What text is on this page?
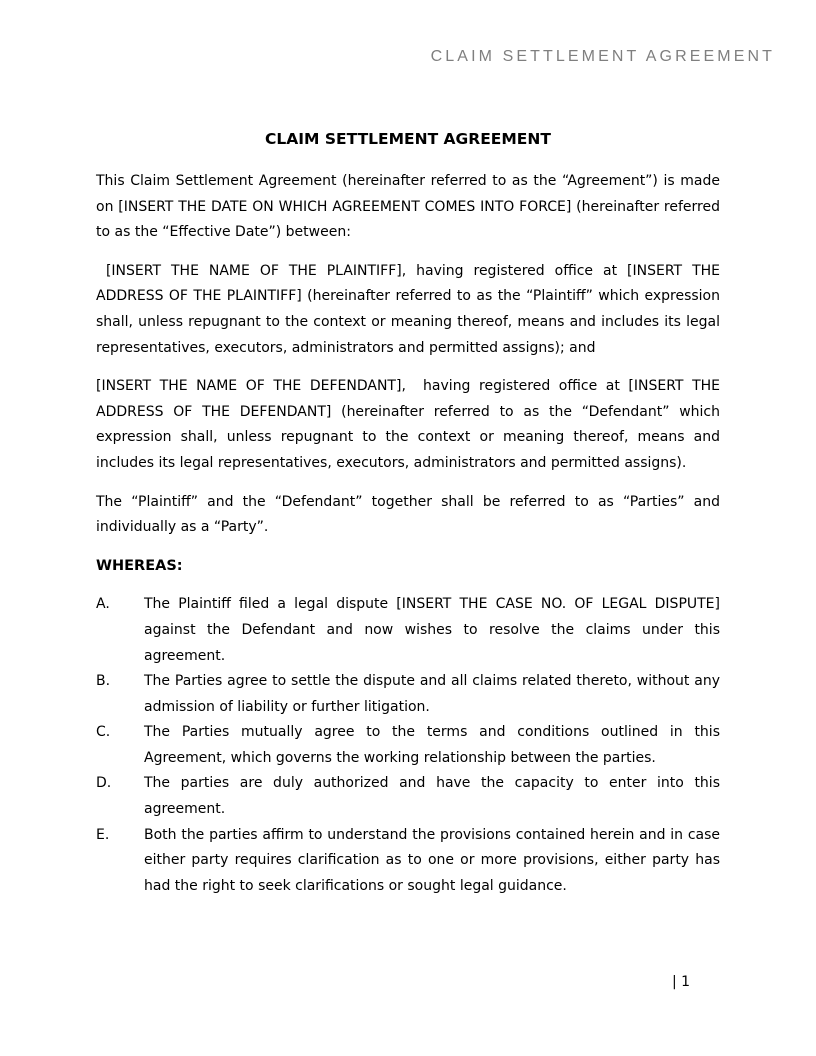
CLAIM SETTLEMENT AGREEMENT
CLAIM SETTLEMENT AGREEMENT

This Claim Settlement Agreement (hereinafter referred to as the “Agreement”) is made on [INSERT THE DATE ON WHICH AGREEMENT COMES INTO FORCE] (hereinafter referred to as the “Effective Date”) between:

[INSERT THE NAME OF THE PLAINTIFF], having registered office at [INSERT THE ADDRESS OF THE PLAINTIFF] (hereinafter referred to as the “Plaintiff” which expression shall, unless repugnant to the context or meaning thereof, means and includes its legal representatives, executors, administrators and permitted assigns); and

[INSERT THE NAME OF THE DEFENDANT],  having registered office at [INSERT THE ADDRESS OF THE DEFENDANT] (hereinafter referred to as the “Defendant” which expression shall, unless repugnant to the context or meaning thereof, means and includes its legal representatives, executors, administrators and permitted assigns).

The “Plaintiff” and the “Defendant” together shall be referred to as “Parties” and individually as a “Party”.

WHEREAS:
A.	The Plaintiff filed a legal dispute [INSERT THE CASE NO. OF LEGAL DISPUTE] against the Defendant and now wishes to resolve the claims under this agreement.
B.	The Parties agree to settle the dispute and all claims related thereto, without any admission of liability or further litigation.
C.	The Parties mutually agree to the terms and conditions outlined in this Agreement, which governs the working relationship between the parties.
D.	The parties are duly authorized and have the capacity to enter into this agreement.
E.	Both the parties affirm to understand the provisions contained herein and in case either party requires clarification as to one or more provisions, either party has had the right to seek clarifications or sought legal guidance.
| 1
